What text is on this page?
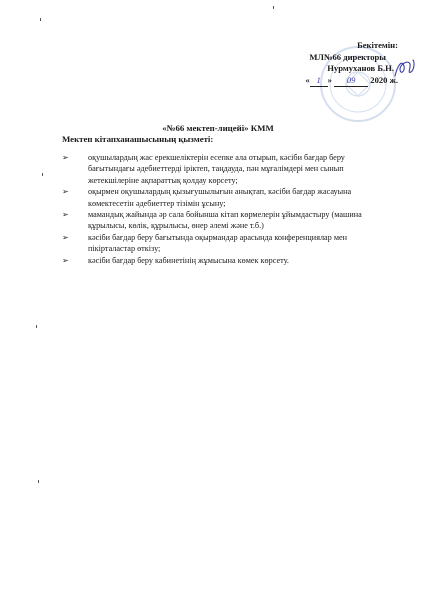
Бекітемін:
МЛ№66 директоры
Нурмуханов Б.Н.
« 1 » 09 2020 ж.
«№66 мектеп-лицейі» КММ
Мектеп кітапханашысының қызметі:
➢ оқушылардың жас ерекшеліктерін есепке ала отырып, кәсіби бағдар беру бағытындағы әдебиеттерді іріктеп, таңдауда, пән мұғалімдері мен сынып жетекшілеріне ақпараттық қолдау көрсету;
➢ оқырмен оқушылардың қызығушылығын анықтап, кәсіби бағдар жасауына көмектесетін әдебиеттер тізімін ұсыну;
➢ мамандық жайында әр сала бойынша кітап көрмелерін ұйымдастыру (машина құрылысы, көлік, құрылысы, өнер әлемі және т.б.)
➢ кәсіби бағдар беру бағытында оқырмандар арасында конференциялар мен пікірталастар өткізу;
➢ кәсіби бағдар беру кабинетінің жұмысына көмек көрсету.
